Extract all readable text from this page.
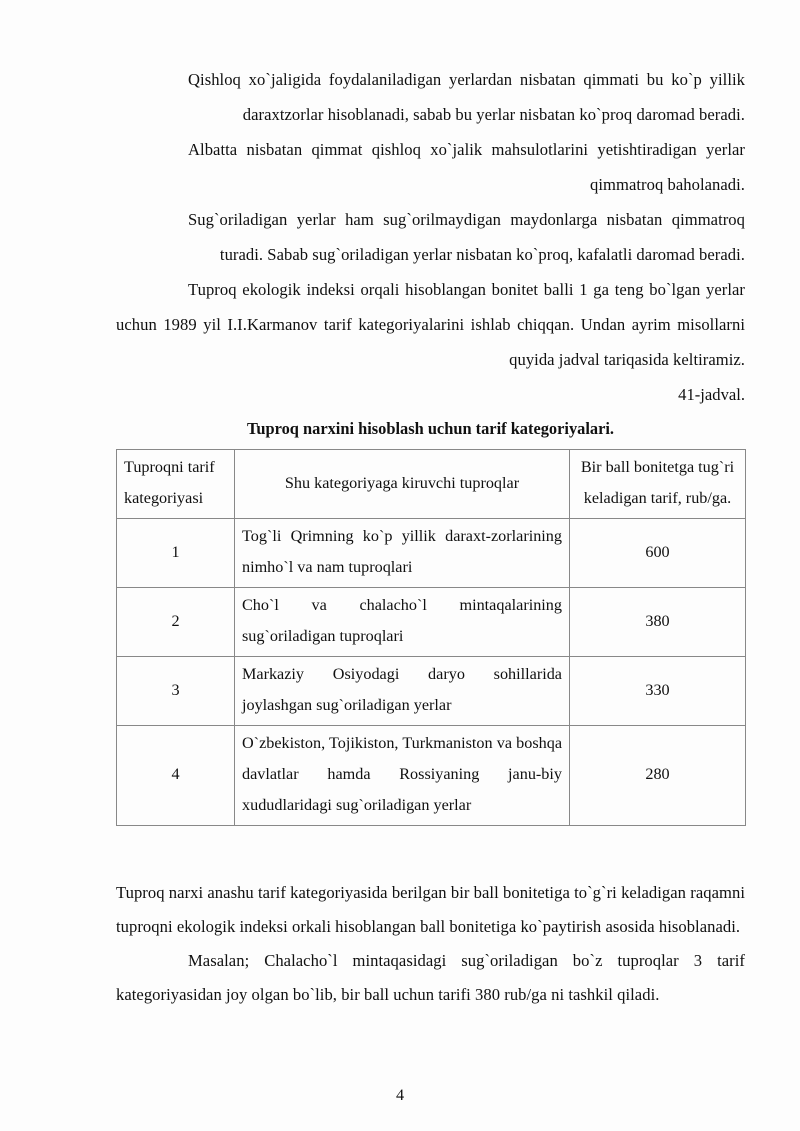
Qishloq xo`jaligida foydalaniladigan yerlardan nisbatan qimmati bu ko`p yillik daraxtzorlar hisoblanadi, sabab bu yerlar nisbatan ko`proq daromad beradi.

Albatta nisbatan qimmat qishloq xo`jalik mahsulotlarini yetishtiradigan yerlar qimmatroq baholanadi.

Sug`oriladigan yerlar ham sug`orilmaydigan maydonlarga nisbatan qimmatroq turadi. Sabab sug`oriladigan yerlar nisbatan ko`proq, kafalatli daromad beradi.

Tuproq ekologik indeksi orqali hisoblangan bonitet balli 1 ga teng bo`lgan yerlar uchun 1989 yil I.I.Karmanov tarif kategoriyalarini ishlab chiqqan. Undan ayrim misollarni quyida jadval tariqasida keltiramiz.

41-jadval.

Tuproq narxini hisoblash uchun tarif kategoriyalari.

Tuproqni tarif kategoriyasi	Shu kategoriyaga kiruvchi tuproqlar	Bir ball bonitetga tug`ri keladigan tarif, rub/ga.
1	Tog`li Qrimning ko`p yillik daraxt-zorlarining nimho`l va nam tuproqlari	600
2	Cho`l va chalacho`l mintaqalarining sug`oriladigan tuproqlari	380
3	Markaziy Osiyodagi daryo sohillarida joylashgan sug`oriladigan yerlar	330
4	O`zbekiston, Tojikiston, Turkmaniston va boshqa davlatlar hamda Rossiyaning janu-biy xududlaridagi sug`oriladigan yerlar	280

Tuproq narxi anashu tarif kategoriyasida berilgan bir ball bonitetiga to`g`ri keladigan raqamni tuproqni ekologik indeksi orkali hisoblangan ball bonitetiga ko`paytirish asosida hisoblanadi.

Masalan; Chalacho`l mintaqasidagi sug`oriladigan bo`z tuproqlar 3 tarif kategoriyasidan joy olgan bo`lib, bir ball uchun tarifi 380 rub/ga ni tashkil qiladi.

4
